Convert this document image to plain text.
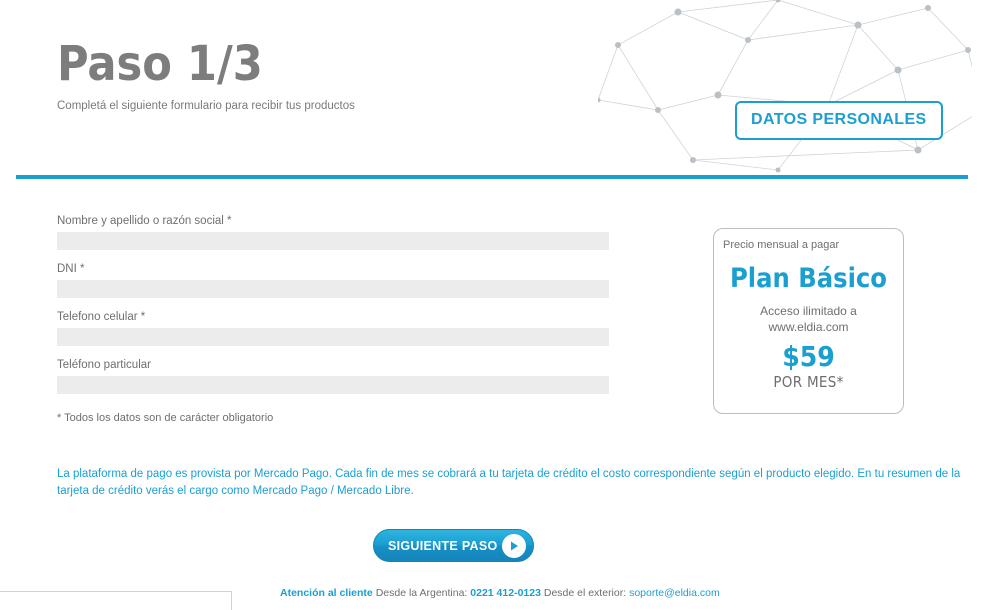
Paso 1/3
Completá el siguiente formulario para recibir tus productos
DATOS PERSONALES
Nombre y apellido o razón social *
DNI *
Telefono celular *
Teléfono particular
* Todos los datos son de carácter obligatorio
La plataforma de pago es provista por Mercado Pago. Cada fin de mes se cobrará a tu tarjeta de crédito el costo correspondiente según el producto elegido. En tu resumen de la tarjeta de crédito verás el cargo como Mercado Pago / Mercado Libre.
Precio mensual a pagar
Plan Básico
Acceso ilimitado a
www.eldia.com
$59
POR MES*
SIGUIENTE PASO
Atención al cliente Desde la Argentina: 0221 412-0123 Desde el exterior: soporte@eldia.com
